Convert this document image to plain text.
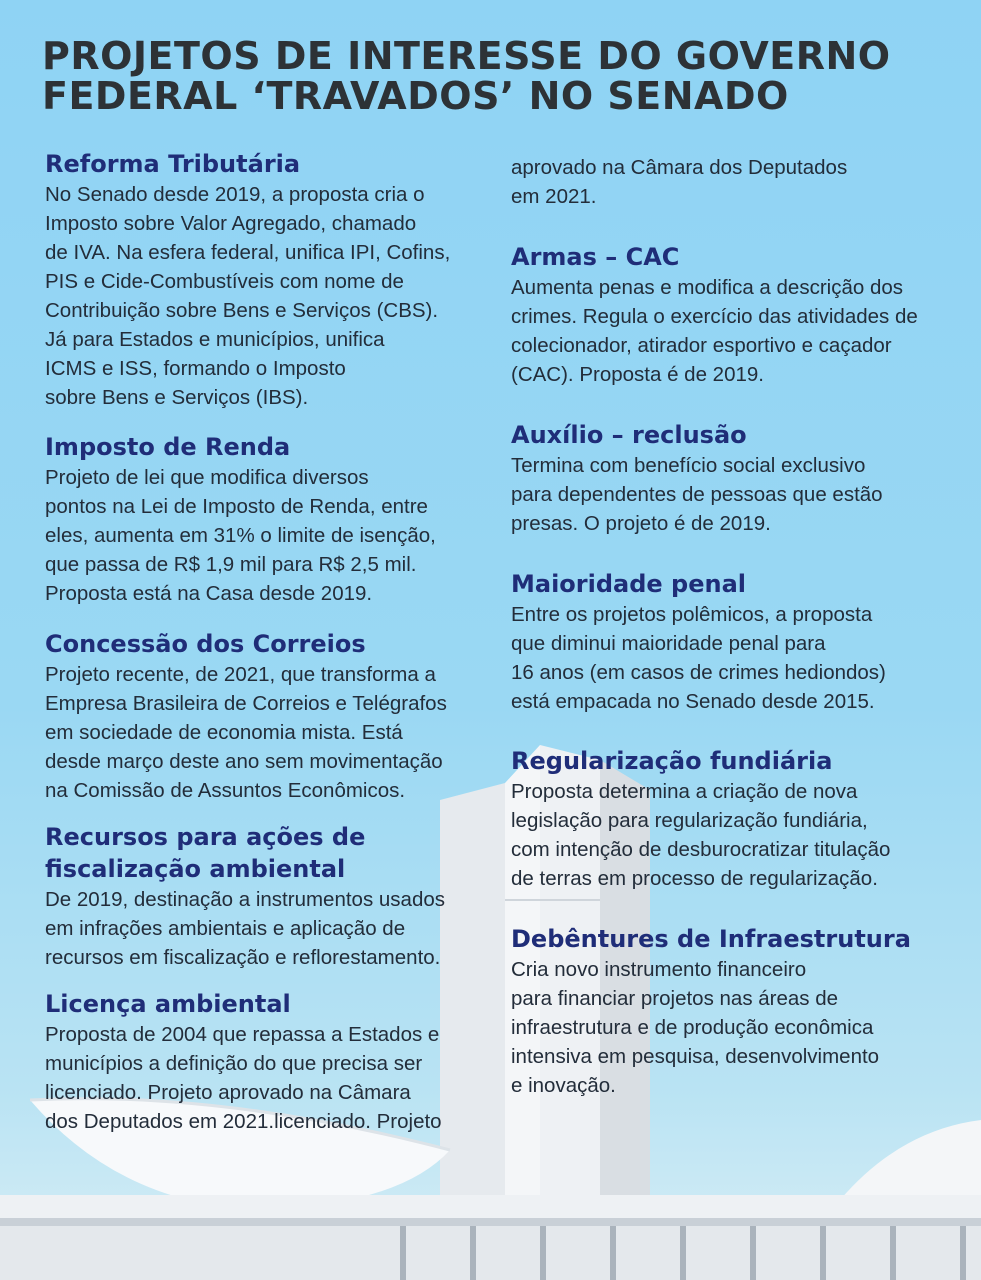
PROJETOS DE INTERESSE DO GOVERNO
FEDERAL ‘TRAVADOS’ NO SENADO
Reforma Tributária

No Senado desde 2019, a proposta cria o
Imposto sobre Valor Agregado, chamado
de IVA. Na esfera federal, unifica IPI, Cofins,
PIS e Cide-Combustíveis com nome de
Contribuição sobre Bens e Serviços (CBS).
Já para Estados e municípios, unifica
ICMS e ISS, formando o Imposto
sobre Bens e Serviços (IBS).

Imposto de Renda

Projeto de lei que modifica diversos
pontos na Lei de Imposto de Renda, entre
eles, aumenta em 31% o limite de isenção,
que passa de R$ 1,9 mil para R$ 2,5 mil.
Proposta está na Casa desde 2019.

Concessão dos Correios

Projeto recente, de 2021, que transforma a
Empresa Brasileira de Correios e Telégrafos
em sociedade de economia mista. Está
desde março deste ano sem movimentação
na Comissão de Assuntos Econômicos.

Recursos para ações de
fiscalização ambiental

De 2019, destinação a instrumentos usados
em infrações ambientais e aplicação de
recursos em fiscalização e reflorestamento.

Licença ambiental

Proposta de 2004 que repassa a Estados e
municípios a definição do que precisa ser
licenciado. Projeto aprovado na Câmara
dos Deputados em 2021.licenciado. Projeto

aprovado na Câmara dos Deputados
em 2021.

Armas – CAC

Aumenta penas e modifica a descrição dos
crimes. Regula o exercício das atividades de
colecionador, atirador esportivo e caçador
(CAC). Proposta é de 2019.

Auxílio – reclusão

Termina com benefício social exclusivo
para dependentes de pessoas que estão
presas. O projeto é de 2019.

Maioridade penal

Entre os projetos polêmicos, a proposta
que diminui maioridade penal para
16 anos (em casos de crimes hediondos)
está empacada no Senado desde 2015.

Regularização fundiária

Proposta determina a criação de nova
legislação para regularização fundiária,
com intenção de desburocratizar titulação
de terras em processo de regularização.

Debêntures de Infraestrutura

Cria novo instrumento financeiro
para financiar projetos nas áreas de
infraestrutura e de produção econômica
intensiva em pesquisa, desenvolvimento
e inovação.
